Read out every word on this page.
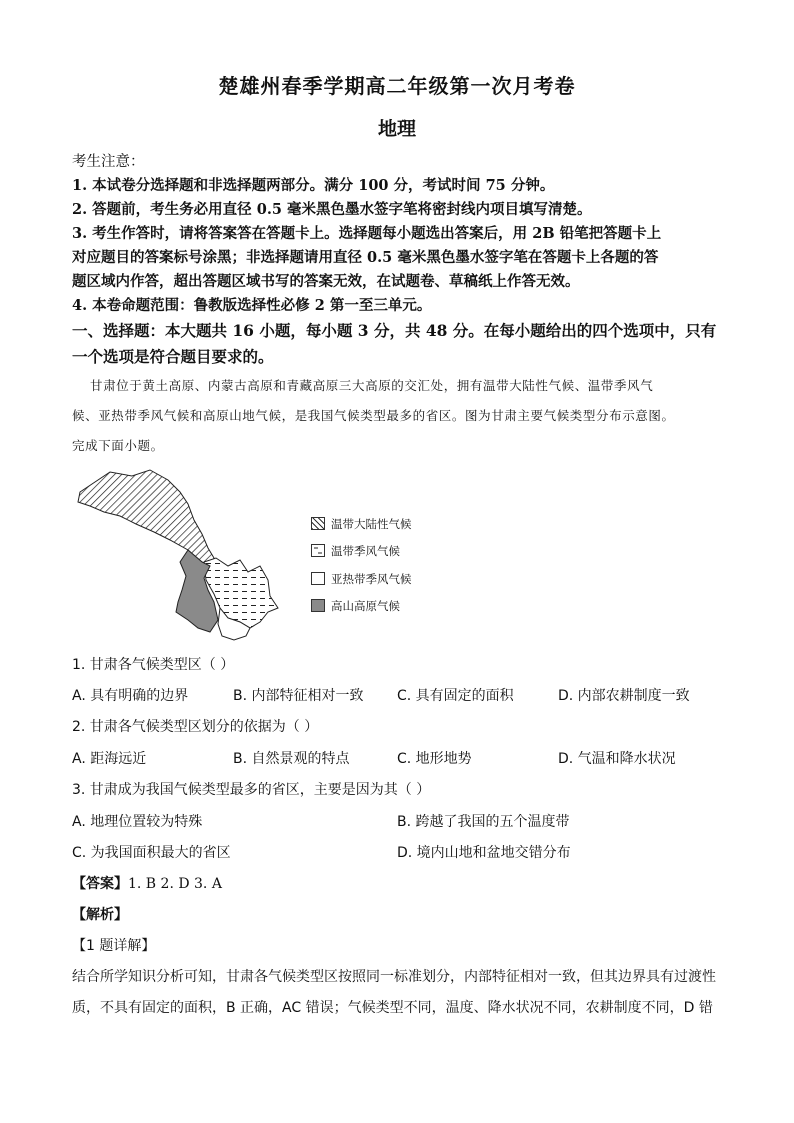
楚雄州春季学期高二年级第一次月考卷
地理
考生注意：
1. 本试卷分选择题和非选择题两部分。满分 100 分，考试时间 75 分钟。
2. 答题前，考生务必用直径 0.5 毫米黑色墨水签字笔将密封线内项目填写清楚。
3. 考生作答时，请将答案答在答题卡上。选择题每小题选出答案后，用 2B 铅笔把答题卡上
对应题目的答案标号涂黑；非选择题请用直径 0.5 毫米黑色墨水签字笔在答题卡上各题的答
题区域内作答，超出答题区域书写的答案无效，在试题卷、草稿纸上作答无效。
4. 本卷命题范围：鲁教版选择性必修 2 第一至三单元。
一、选择题：本大题共 16 小题，每小题 3 分，共 48 分。在每小题给出的四个选项中，只有
一个选项是符合题目要求的。
甘肃位于黄土高原、内蒙古高原和青藏高原三大高原的交汇处，拥有温带大陆性气候、温带季风气
候、亚热带季风气候和高原山地气候，是我国气候类型最多的省区。图为甘肃主要气候类型分布示意图。
完成下面小题。
温带大陆性气候
温带季风气候
亚热带季风气候
高山高原气候
1. 甘肃各气候类型区（ ）
A. 具有明确的边界	B. 内部特征相对一致 C. 具有固定的面积	D. 内部农耕制度一致
2. 甘肃各气候类型区划分的依据为（ ）
A. 距海远近	B. 自然景观的特点	C. 地形地势	D. 气温和降水状况
3. 甘肃成为我国气候类型最多的省区，主要是因为其（ ）
A. 地理位置较为特殊	B. 跨越了我国的五个温度带
C. 为我国面积最大的省区	D. 境内山地和盆地交错分布
【答案】1. B 2. D 3. A
【解析】
【1 题详解】
结合所学知识分析可知，甘肃各气候类型区按照同一标准划分，内部特征相对一致，但其边界具有过渡性
质，不具有固定的面积，B 正确，AC 错误；气候类型不同，温度、降水状况不同，农耕制度不同，D 错
